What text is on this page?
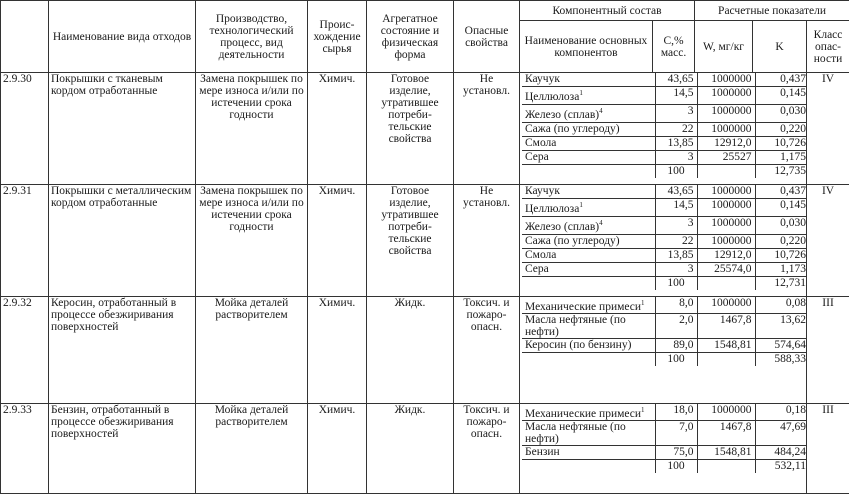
	Наименование вида отходов	Производство, технологический процесс, вид деятельности	Проис-хождение сырья	Агрегатное состояние и физическая форма	Опасные свойства	Компонентный состав	Расчетные показатели
Наименование основных компонентов	С,% масс.	W, мг/кг	K	Класс опас-ности
2.9.30	Покрышки с тканевым кордом отработанные	Замена покрышек по мере износа и/или по истечении срока годности	Химич.	Готовое изделие, утратившее потреби-тельские свойства	Не установл.	
Каучук	43,65	1000000	0,437
Целлюлоза$^1$	14,5	1000000	0,145
Железо (сплав)$^4$	3	1000000	0,030
Сажа (по углероду)	22	1000000	0,220
Смола	13,85	12912,0	10,726
Сера	3	25527	1,175
	100		12,735
	IV
2.9.31	Покрышки с металлическим кордом отработанные	Замена покрышек по мере износа и/или по истечении срока годности	Химич.	Готовое изделие, утратившее потреби-тельские свойства	Не установл.	
Каучук	43,65	1000000	0,437
Целлюлоза$^1$	14,5	1000000	0,145
Железо (сплав)$^4$	3	1000000	0,030
Сажа (по углероду)	22	1000000	0,220
Смола	13,85	12912,0	10,726
Сера	3	25574,0	1,173
	100		12,731
	IV
2.9.32	Керосин, отработанный в процессе обезжиривания поверхностей	Мойка деталей растворителем	Химич.	Жидк.	Токсич. и пожаро-опасн.	
Механические примеси$^1$	8,0	1000000	0,08
Масла нефтяные (по нефти)	2,0	1467,8	13,62
Керосин (по бензину)	89,0	1548,81	574,64
	100		588,33
	III
2.9.33	Бензин, отработанный в процессе обезжиривания поверхностей	Мойка деталей растворителем	Химич.	Жидк.	Токсич. и пожаро-опасн.	
Механические примеси$^1$	18,0	1000000	0,18
Масла нефтяные (по нефти)	7,0	1467,8	47,69
Бензин	75,0	1548,81	484,24
	100		532,11
	III
